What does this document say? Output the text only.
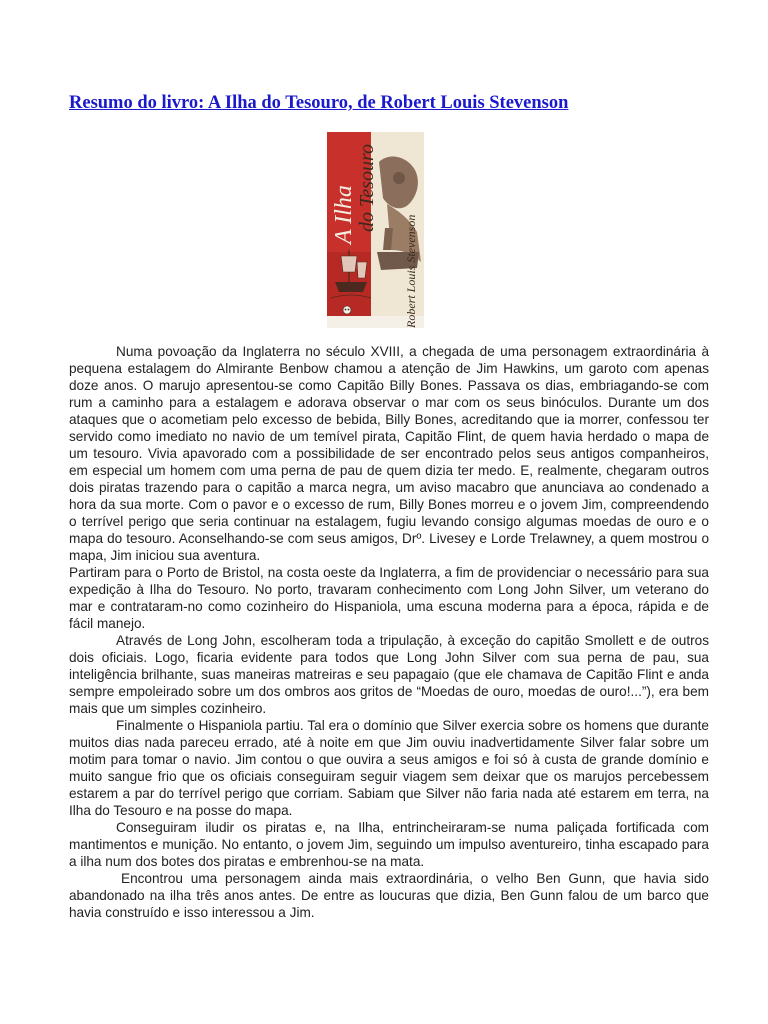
Resumo do livro: A Ilha do Tesouro, de Robert Louis Stevenson
A Ilha do Tesouro
Robert Louis Stevenson

Numa povoação da Inglaterra no século XVIII, a chegada de uma personagem extraordinária à pequena estalagem do Almirante Benbow chamou a atenção de Jim Hawkins, um garoto com apenas doze anos. O marujo apresentou-se como Capitão Billy Bones. Passava os dias, embriagando-se com rum a caminho para a estalagem e adorava observar o mar com os seus binóculos. Durante um dos ataques que o acometiam pelo excesso de bebida, Billy Bones, acreditando que ia morrer, confessou ter servido como imediato no navio de um temível pirata, Capitão Flint, de quem havia herdado o mapa de um tesouro. Vivia apavorado com a possibilidade de ser encontrado pelos seus antigos companheiros, em especial um homem com uma perna de pau de quem dizia ter medo. E, realmente, chegaram outros dois piratas trazendo para o capitão a marca negra, um aviso macabro que anunciava ao condenado a hora da sua morte. Com o pavor e o excesso de rum, Billy Bones morreu e o jovem Jim, compreendendo o terrível perigo que seria continuar na estalagem, fugiu levando consigo algumas moedas de ouro e o mapa do tesouro. Aconselhando-se com seus amigos, Drº. Livesey e Lorde Trelawney, a quem mostrou o mapa, Jim iniciou sua aventura.

Partiram para o Porto de Bristol, na costa oeste da Inglaterra, a fim de providenciar o necessário para sua expedição à Ilha do Tesouro. No porto, travaram conhecimento com Long John Silver, um veterano do mar e contrataram-no como cozinheiro do Hispaniola, uma escuna moderna para a época, rápida e de fácil manejo.

Através de Long John, escolheram toda a tripulação, à exceção do capitão Smollett e de outros dois oficiais. Logo, ficaria evidente para todos que Long John Silver com sua perna de pau, sua inteligência brilhante, suas maneiras matreiras e seu papagaio (que ele chamava de Capitão Flint e anda sempre empoleirado sobre um dos ombros aos gritos de “Moedas de ouro, moedas de ouro!...”), era bem mais que um simples cozinheiro.

Finalmente o Hispaniola partiu. Tal era o domínio que Silver exercia sobre os homens que durante muitos dias nada pareceu errado, até à noite em que Jim ouviu inadvertidamente Silver falar sobre um motim para tomar o navio. Jim contou o que ouvira a seus amigos e foi só à custa de grande domínio e muito sangue frio que os oficiais conseguiram seguir viagem sem deixar que os marujos percebessem estarem a par do terrível perigo que corriam. Sabiam que Silver não faria nada até estarem em terra, na Ilha do Tesouro e na posse do mapa.

Conseguiram iludir os piratas e, na Ilha, entrincheiraram-se numa paliçada fortificada com mantimentos e munição. No entanto, o jovem Jim, seguindo um impulso aventureiro, tinha escapado para a ilha num dos botes dos piratas e embrenhou-se na mata.

Encontrou uma personagem ainda mais extraordinária, o velho Ben Gunn, que havia sido abandonado na ilha três anos antes. De entre as loucuras que dizia, Ben Gunn falou de um barco que havia construído e isso interessou a Jim.
